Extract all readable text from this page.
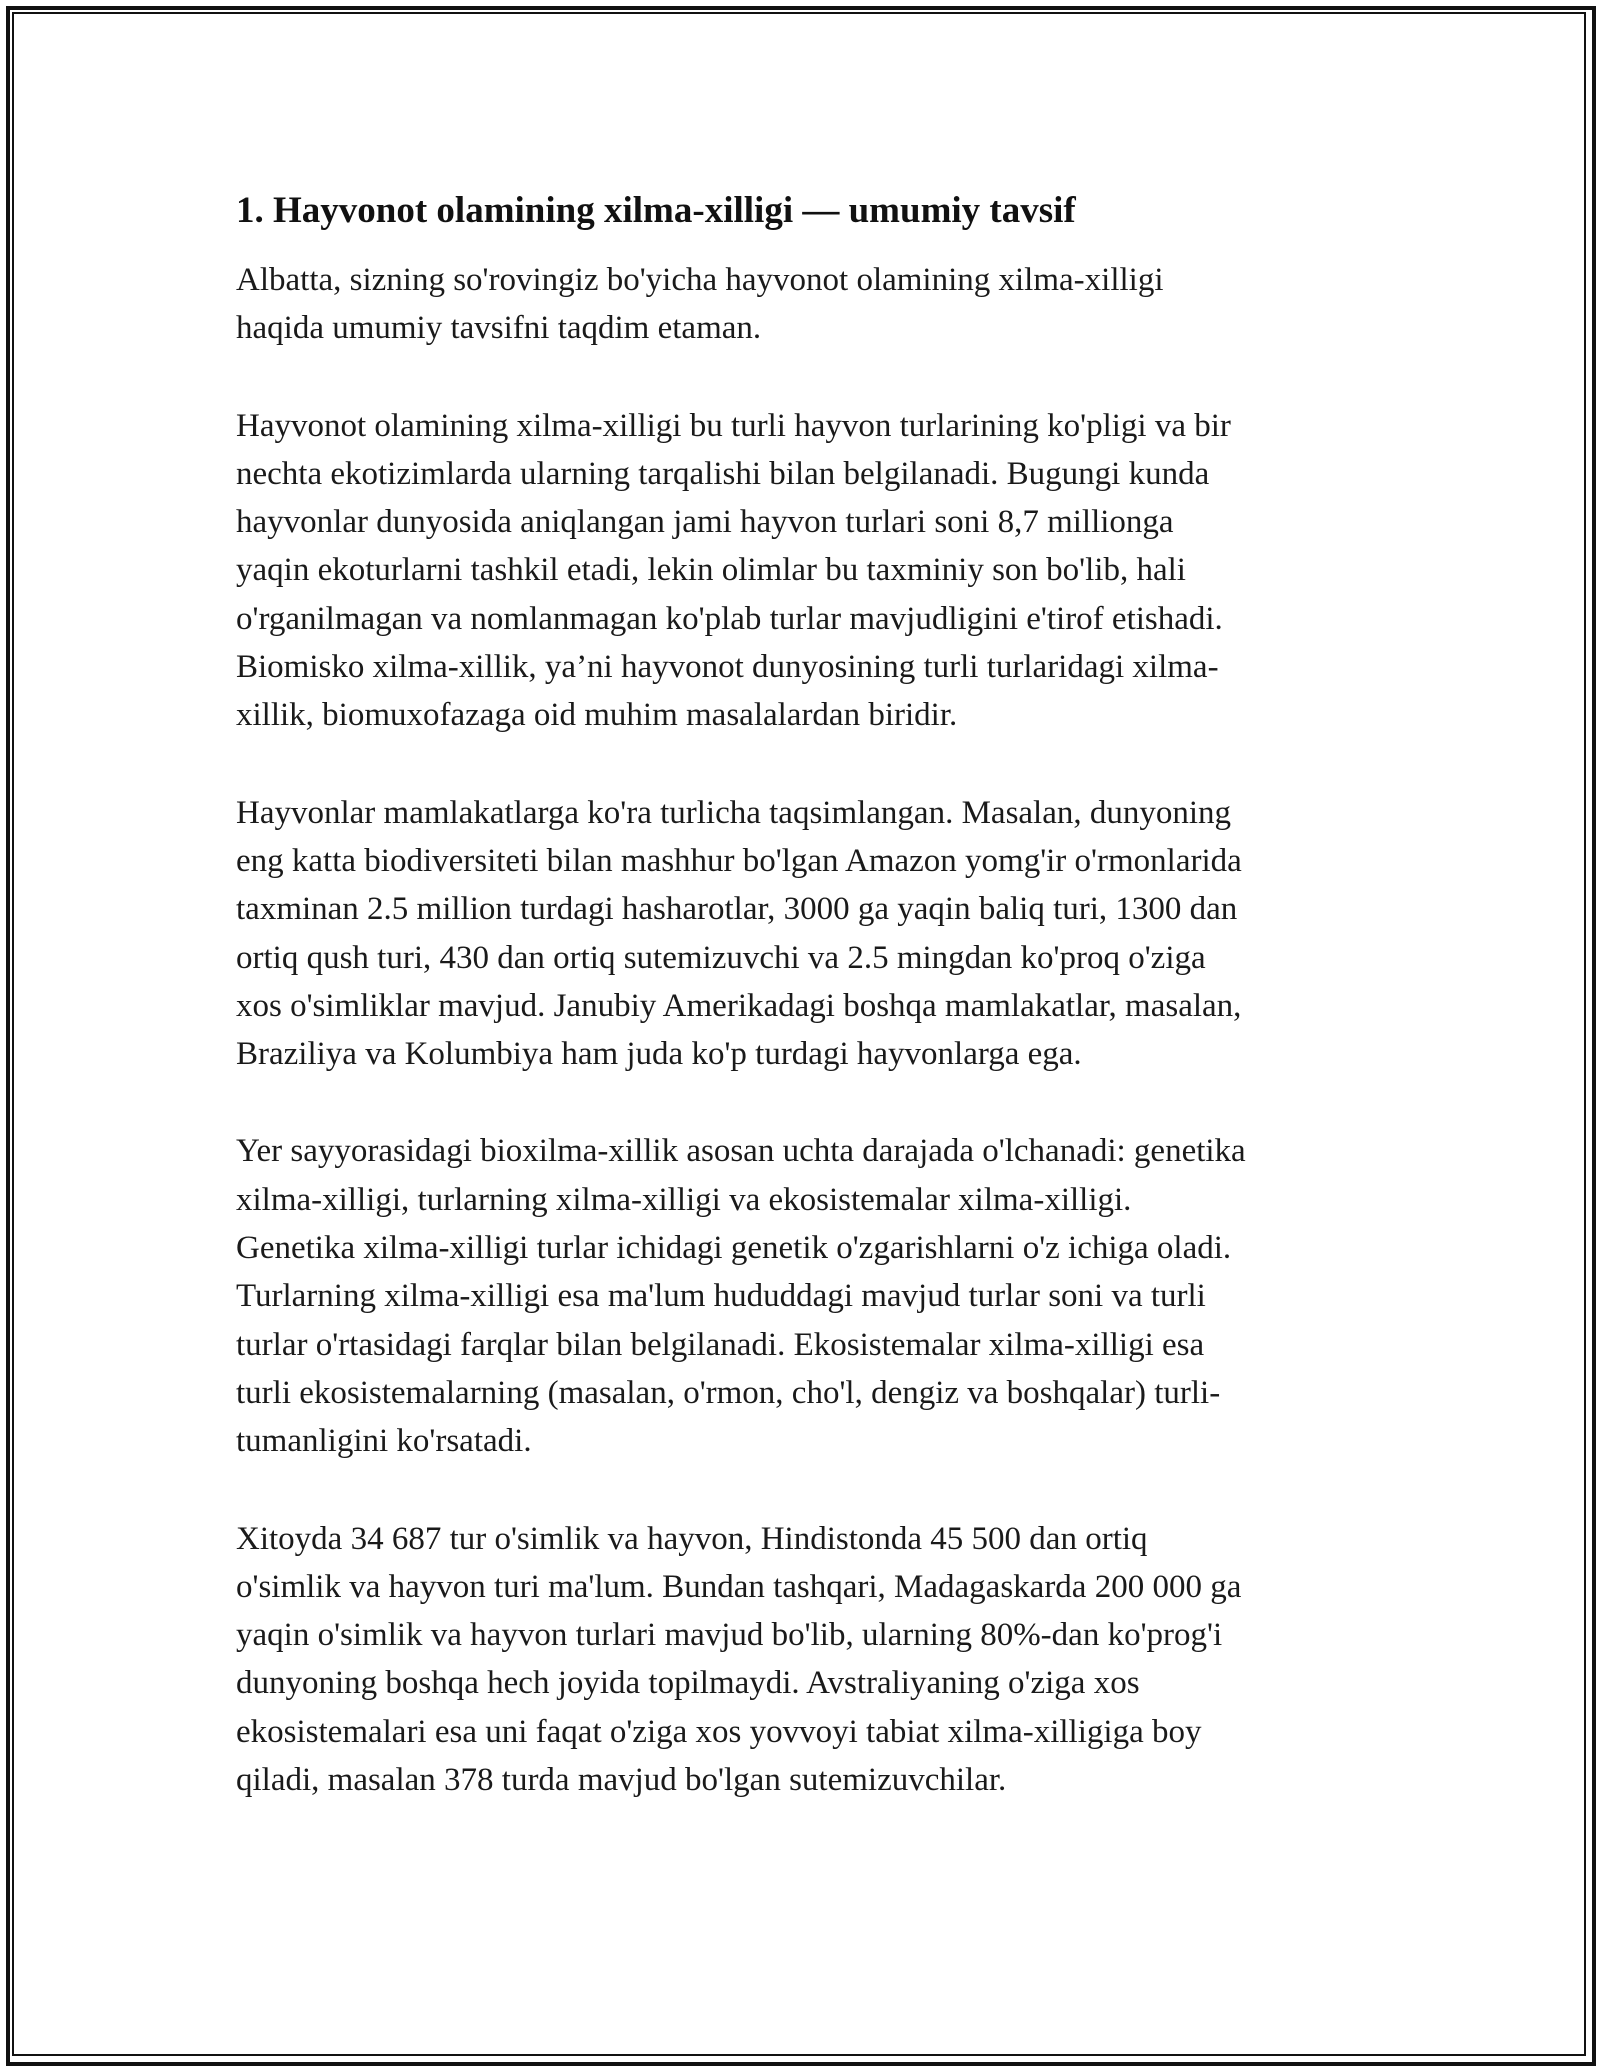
1. Hayvonot olamining xilma-xilligi — umumiy tavsif

Albatta, sizning so'rovingiz bo'yicha hayvonot olamining xilma-xilligi
haqida umumiy tavsifni taqdim etaman.

Hayvonot olamining xilma-xilligi bu turli hayvon turlarining ko'pligi va bir
nechta ekotizimlarda ularning tarqalishi bilan belgilanadi. Bugungi kunda
hayvonlar dunyosida aniqlangan jami hayvon turlari soni 8,7 millionga
yaqin ekoturlarni tashkil etadi, lekin olimlar bu taxminiy son bo'lib, hali
o'rganilmagan va nomlanmagan ko'plab turlar mavjudligini e'tirof etishadi.
Biomisko xilma-xillik, ya’ni hayvonot dunyosining turli turlaridagi xilma-
xillik, biomuxofazaga oid muhim masalalardan biridir.

Hayvonlar mamlakatlarga ko'ra turlicha taqsimlangan. Masalan, dunyoning
eng katta biodiversiteti bilan mashhur bo'lgan Amazon yomg'ir o'rmonlarida
taxminan 2.5 million turdagi hasharotlar, 3000 ga yaqin baliq turi, 1300 dan
ortiq qush turi, 430 dan ortiq sutemizuvchi va 2.5 mingdan ko'proq o'ziga
xos o'simliklar mavjud. Janubiy Amerikadagi boshqa mamlakatlar, masalan,
Braziliya va Kolumbiya ham juda ko'p turdagi hayvonlarga ega.

Yer sayyorasidagi bioxilma-xillik asosan uchta darajada o'lchanadi: genetika
xilma-xilligi, turlarning xilma-xilligi va ekosistemalar xilma-xilligi.
Genetika xilma-xilligi turlar ichidagi genetik o'zgarishlarni o'z ichiga oladi.
Turlarning xilma-xilligi esa ma'lum hududdagi mavjud turlar soni va turli
turlar o'rtasidagi farqlar bilan belgilanadi. Ekosistemalar xilma-xilligi esa
turli ekosistemalarning (masalan, o'rmon, cho'l, dengiz va boshqalar) turli-
tumanligini ko'rsatadi.

Xitoyda 34 687 tur o'simlik va hayvon, Hindistonda 45 500 dan ortiq
o'simlik va hayvon turi ma'lum. Bundan tashqari, Madagaskarda 200 000 ga
yaqin o'simlik va hayvon turlari mavjud bo'lib, ularning 80%-dan ko'prog'i
dunyoning boshqa hech joyida topilmaydi. Avstraliyaning o'ziga xos
ekosistemalari esa uni faqat o'ziga xos yovvoyi tabiat xilma-xilligiga boy
qiladi, masalan 378 turda mavjud bo'lgan sutemizuvchilar.
